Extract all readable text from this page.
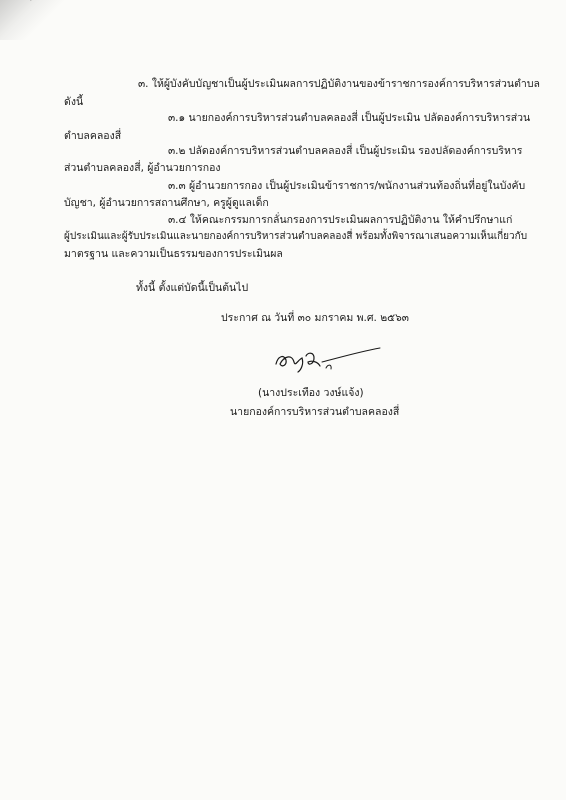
๓. ให้ผู้บังคับบัญชาเป็นผู้ประเมินผลการปฏิบัติงานของข้าราชการองค์การบริหารส่วนตำบล
ดังนี้
๓.๑ นายกองค์การบริหารส่วนตำบลคลองสี่ เป็นผู้ประเมิน ปลัดองค์การบริหารส่วน
ตำบลคลองสี่
๓.๒ ปลัดองค์การบริหารส่วนตำบลคลองสี่ เป็นผู้ประเมิน รองปลัดองค์การบริหาร
ส่วนตำบลคลองสี่, ผู้อำนวยการกอง
๓.๓ ผู้อำนวยการกอง เป็นผู้ประเมินข้าราชการ/พนักงานส่วนท้องถิ่นที่อยู่ในบังคับ
บัญชา, ผู้อำนวยการสถานศึกษา, ครูผู้ดูแลเด็ก
๓.๔ ให้คณะกรรมการกลั่นกรองการประเมินผลการปฏิบัติงาน ให้คำปรึกษาแก่
ผู้ประเมินและผู้รับประเมินและนายกองค์การบริหารส่วนตำบลคลองสี่ พร้อมทั้งพิจารณาเสนอความเห็นเกี่ยวกับ
มาตรฐาน และความเป็นธรรมของการประเมินผล
ทั้งนี้ ตั้งแต่บัดนี้เป็นต้นไป
ประกาศ ณ วันที่ ๓๐ มกราคม พ.ศ. ๒๕๖๓
(นางประเทือง วงษ์แจ้ง)
นายกองค์การบริหารส่วนตำบลคลองสี่
